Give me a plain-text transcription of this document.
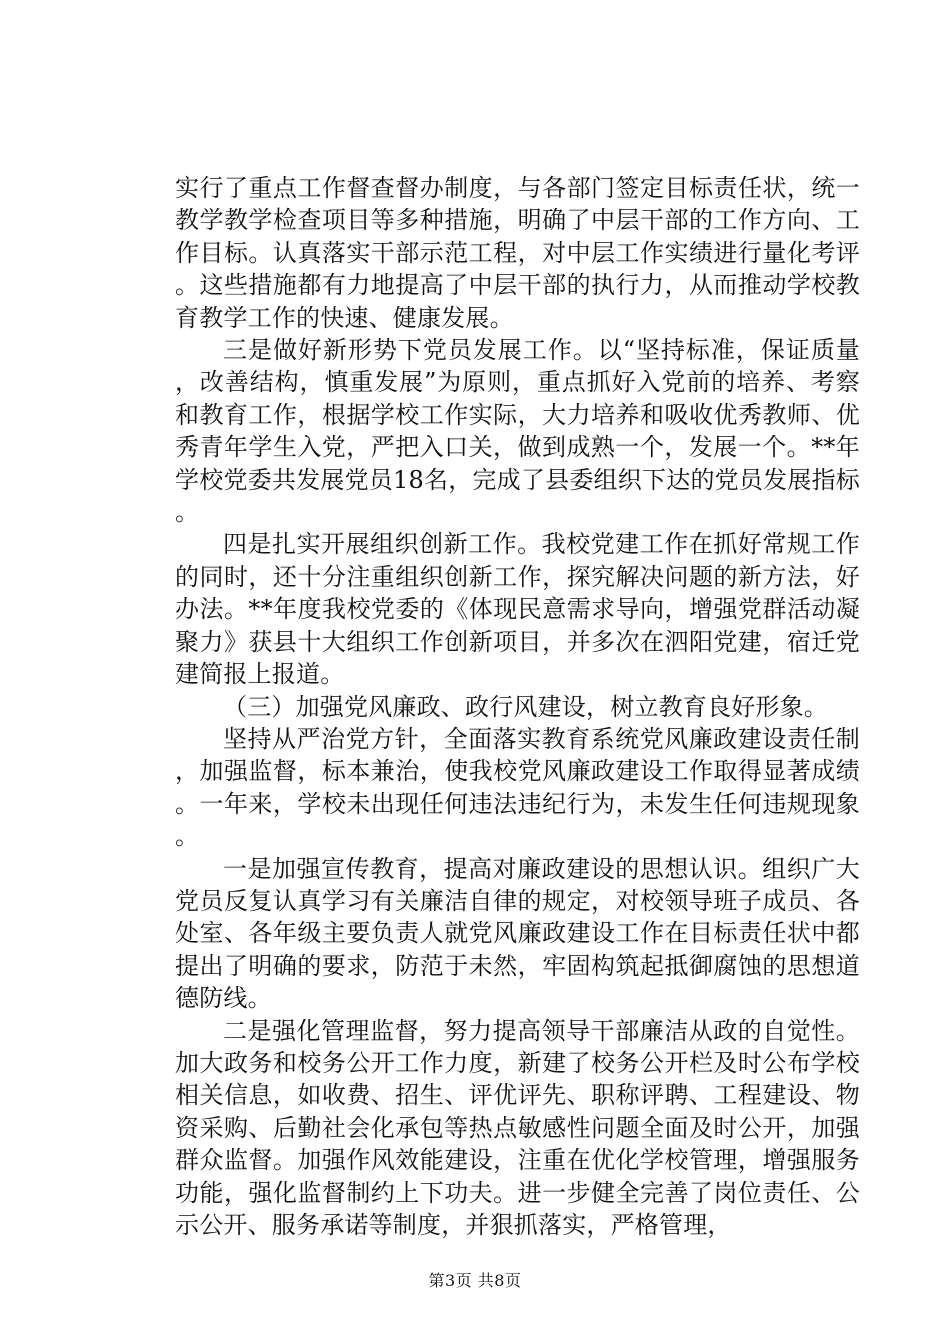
实行了重点工作督查督办制度，与各部门签定目标责任状，统一教学教学检查项目等多种措施，明确了中层干部的工作方向、工作目标。认真落实干部示范工程，对中层工作实绩进行量化考评。这些措施都有力地提高了中层干部的执行力，从而推动学校教育教学工作的快速、健康发展。

三是做好新形势下党员发展工作。以“坚持标准，保证质量，改善结构，慎重发展”为原则，重点抓好入党前的培养、考察和教育工作，根据学校工作实际，大力培养和吸收优秀教师、优秀青年学生入党，严把入口关，做到成熟一个，发展一个。**年学校党委共发展党员18名，完成了县委组织下达的党员发展指标。

四是扎实开展组织创新工作。我校党建工作在抓好常规工作的同时，还十分注重组织创新工作，探究解决问题的新方法，好办法。**年度我校党委的《体现民意需求导向，增强党群活动凝聚力》获县十大组织工作创新项目，并多次在泗阳党建，宿迁党建简报上报道。

（三）加强党风廉政、政行风建设，树立教育良好形象。

坚持从严治党方针，全面落实教育系统党风廉政建设责任制，加强监督，标本兼治，使我校党风廉政建设工作取得显著成绩。一年来，学校未出现任何违法违纪行为，未发生任何违规现象。

一是加强宣传教育，提高对廉政建设的思想认识。组织广大党员反复认真学习有关廉洁自律的规定，对校领导班子成员、各处室、各年级主要负责人就党风廉政建设工作在目标责任状中都提出了明确的要求，防范于未然，牢固构筑起抵御腐蚀的思想道德防线。

二是强化管理监督，努力提高领导干部廉洁从政的自觉性。加大政务和校务公开工作力度，新建了校务公开栏及时公布学校相关信息，如收费、招生、评优评先、职称评聘、工程建设、物资采购、后勤社会化承包等热点敏感性问题全面及时公开，加强群众监督。加强作风效能建设，注重在优化学校管理，增强服务功能，强化监督制约上下功夫。进一步健全完善了岗位责任、公示公开、服务承诺等制度，并狠抓落实，严格管理，

第3页 共8页
